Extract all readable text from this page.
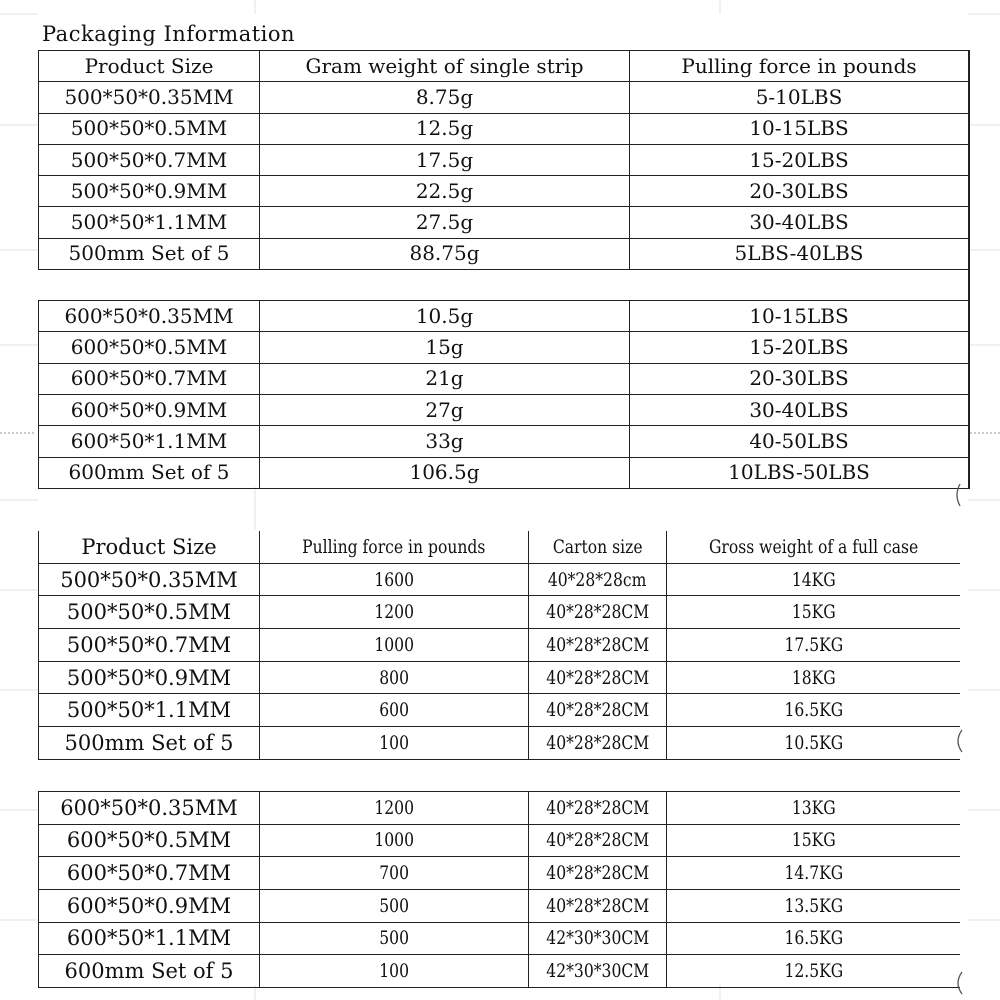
Packaging Information
Product Size	Gram weight of single strip	Pulling force in pounds
500*50*0.35MM	8.75g	5-10LBS
500*50*0.5MM	12.5g	10-15LBS
500*50*0.7MM	17.5g	15-20LBS
500*50*0.9MM	22.5g	20-30LBS
500*50*1.1MM	27.5g	30-40LBS
500mm Set of 5	88.75g	5LBS-40LBS

600*50*0.35MM	10.5g	10-15LBS
600*50*0.5MM	15g	15-20LBS
600*50*0.7MM	21g	20-30LBS
600*50*0.9MM	27g	30-40LBS
600*50*1.1MM	33g	40-50LBS
600mm Set of 5	106.5g	10LBS-50LBS
Product Size	Pulling force in pounds	Carton size	Gross weight of a full case
500*50*0.35MM	1600	40*28*28cm	14KG
500*50*0.5MM	1200	40*28*28CM	15KG
500*50*0.7MM	1000	40*28*28CM	17.5KG
500*50*0.9MM	800	40*28*28CM	18KG
500*50*1.1MM	600	40*28*28CM	16.5KG
500mm Set of 5	100	40*28*28CM	10.5KG

600*50*0.35MM	1200	40*28*28CM	13KG
600*50*0.5MM	1000	40*28*28CM	15KG
600*50*0.7MM	700	40*28*28CM	14.7KG
600*50*0.9MM	500	40*28*28CM	13.5KG
600*50*1.1MM	500	42*30*30CM	16.5KG
600mm Set of 5	100	42*30*30CM	12.5KG
